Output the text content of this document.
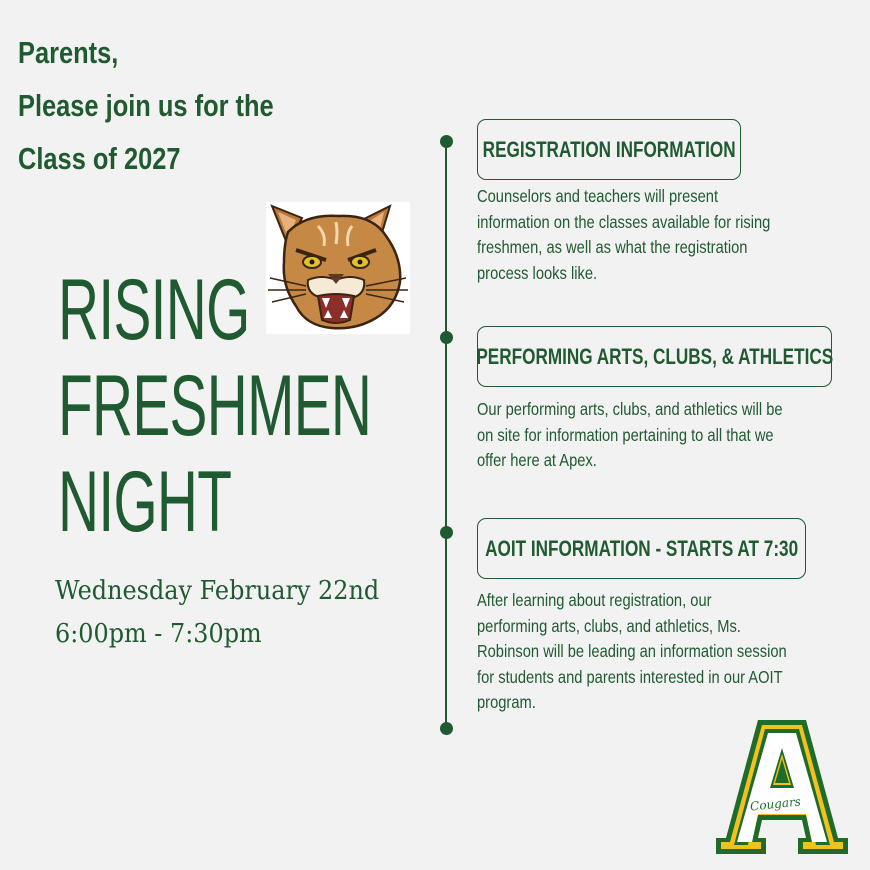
Parents,
Please join us for the
Class of 2027
RISING
FRESHMEN
NIGHT
Wednesday February 22nd
6:00pm - 7:30pm
REGISTRATION INFORMATION
Counselors and teachers will present
information on the classes available for rising
freshmen, as well as what the registration
process looks like.
PERFORMING ARTS, CLUBS, & ATHLETICS
Our performing arts, clubs, and athletics will be
on site for information pertaining to all that we
offer here at Apex.
AOIT INFORMATION - STARTS AT 7:30
After learning about registration, our
performing arts, clubs, and athletics, Ms.
Robinson will be leading an information session
for students and parents interested in our AOIT
program.
Cougars
